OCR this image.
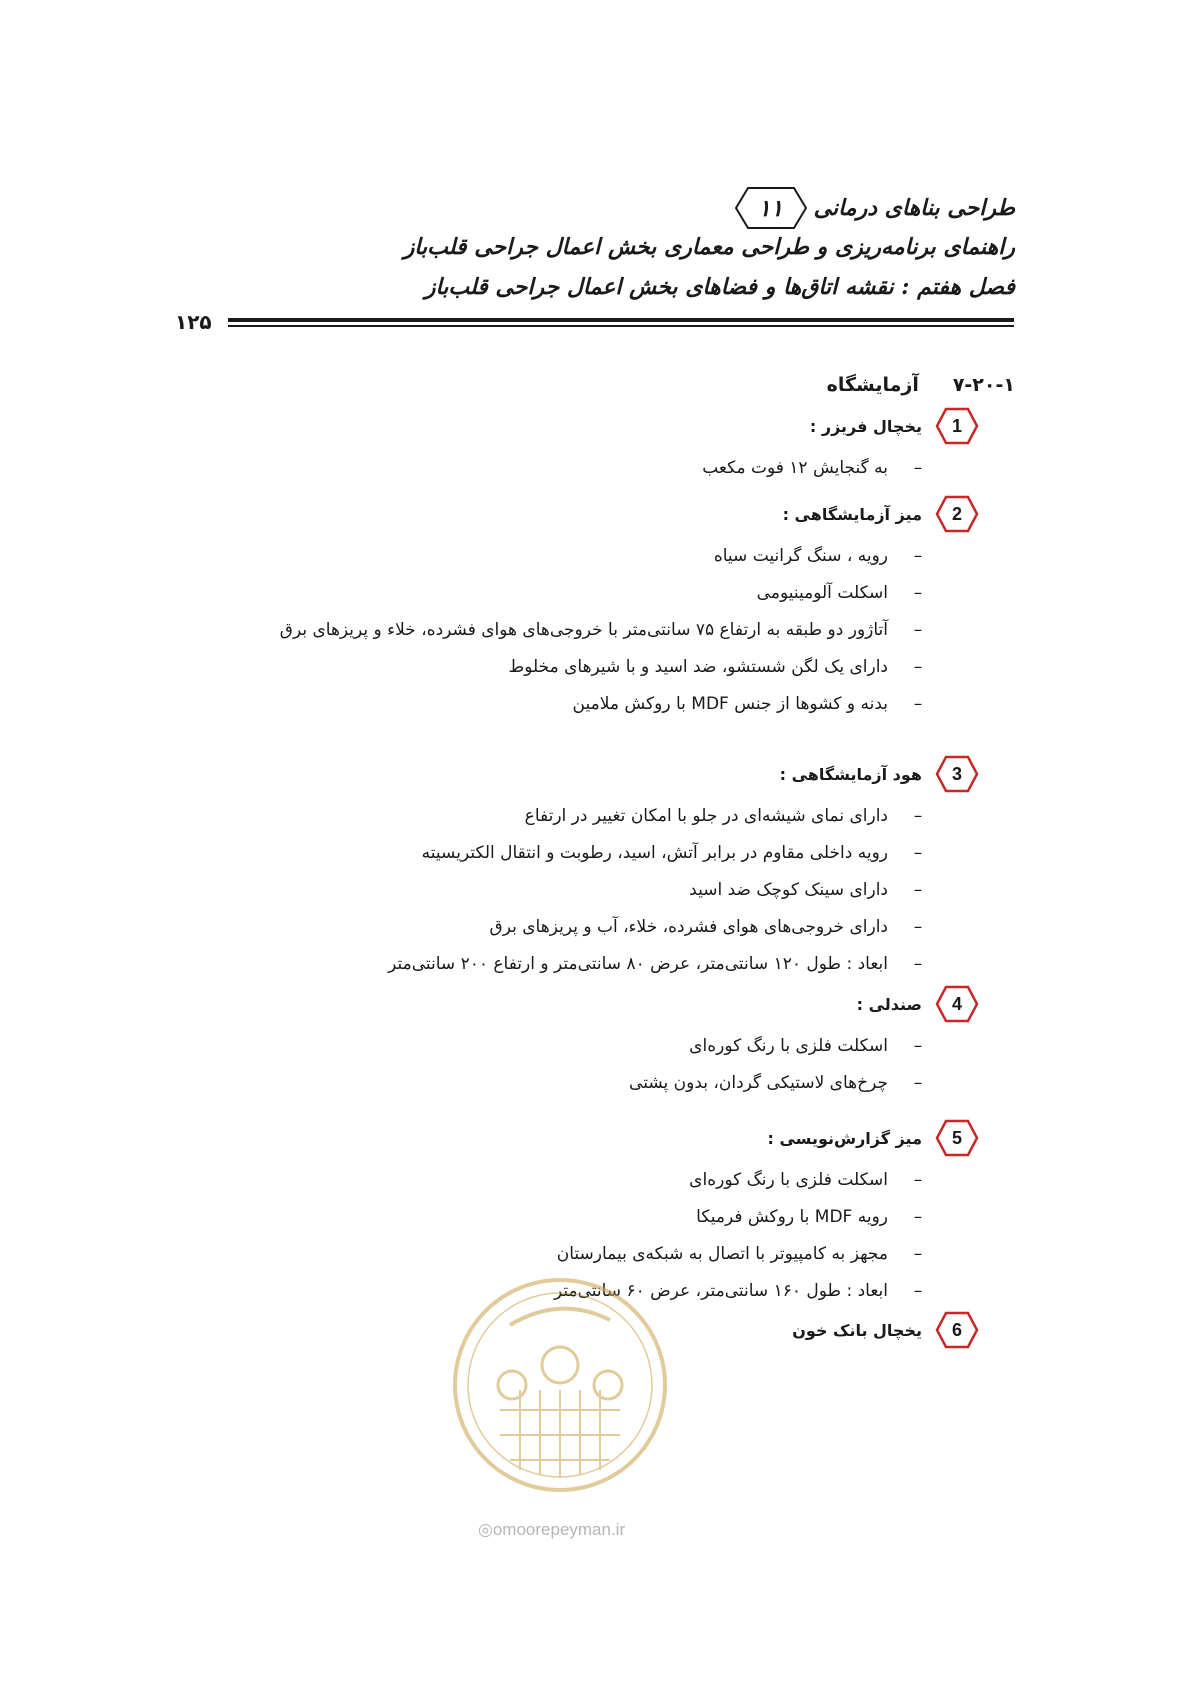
طراحی بناهای درمانی
۱۱
راهنمای برنامه‌ریزی و طراحی معماری بخش اعمال جراحی قلب‌باز
فصل هفتم : نقشه اتاق‌ها و فضاهای بخش اعمال جراحی قلب‌باز
۱۲۵
۷-۲۰-۱
آزمایشگاه
1
یخچال فریزر :
–
به گنجایش ۱۲ فوت مکعب
2
میز آزمایشگاهی :
–
رویه ، سنگ گرانیت سیاه
–
اسکلت آلومینیومی
–
آتاژور دو طبقه به ارتفاع ۷۵ سانتی‌متر با خروجی‌های هوای فشرده، خلاء و پریزهای برق
–
دارای یک لگن شستشو، ضد اسید و با شیرهای مخلوط
–
بدنه و کشوها از جنس MDF با روکش ملامین
3
هود آزمایشگاهی :
–
دارای نمای شیشه‌ای در جلو با امکان تغییر در ارتفاع
–
رویه داخلی مقاوم در برابر آتش، اسید، رطوبت و انتقال الکتریسیته
–
دارای سینک کوچک ضد اسید
–
دارای خروجی‌های هوای فشرده، خلاء، آب و پریزهای برق
–
ابعاد : طول ۱۲۰ سانتی‌متر، عرض ۸۰ سانتی‌متر و ارتفاع ۲۰۰ سانتی‌متر
4
صندلی :
–
اسکلت فلزی با رنگ کوره‌ای
–
چرخ‌های لاستیکی گردان، بدون پشتی
5
میز گزارش‌نویسی :
–
اسکلت فلزی با رنگ کوره‌ای
–
رویه MDF با روکش فرمیکا
–
مجهز به کامپیوتر با اتصال به شبکه‌ی بیمارستان
–
ابعاد : طول ۱۶۰ سانتی‌متر، عرض ۶۰ سانتی‌متر
6
یخچال بانک خون
◎omoorepeyman.ir
